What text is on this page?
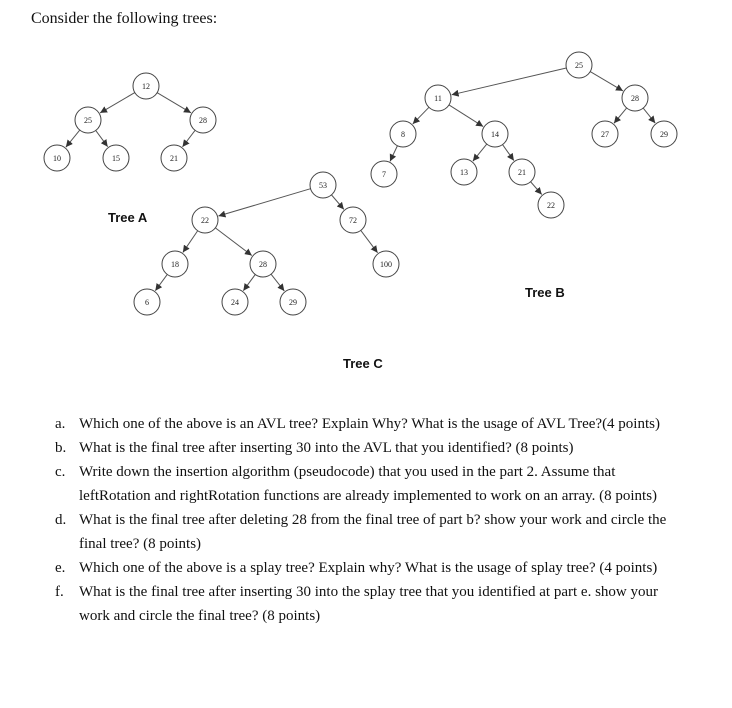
Consider the following trees:
12
25	28
10	15	21
25
11	28
8	14	27	29
7	13	21
22
53
22	72
18	28	100
6	24	29
Tree A
Tree B
Tree C
a. Which one of the above is an AVL tree? Explain Why? What is the usage of AVL Tree?(4 points)
b. What is the final tree after inserting 30 into the AVL that you identified? (8 points)
c. Write down the insertion algorithm (pseudocode) that you used in the part 2. Assume that leftRotation and rightRotation functions are already implemented to work on an array. (8 points)
d. What is the final tree after deleting 28 from the final tree of part b? show your work and circle the final tree? (8 points)
e. Which one of the above is a splay tree? Explain why? What is the usage of splay tree? (4 points)
f. What is the final tree after inserting 30 into the splay tree that you identified at part e. show your work and circle the final tree? (8 points)
